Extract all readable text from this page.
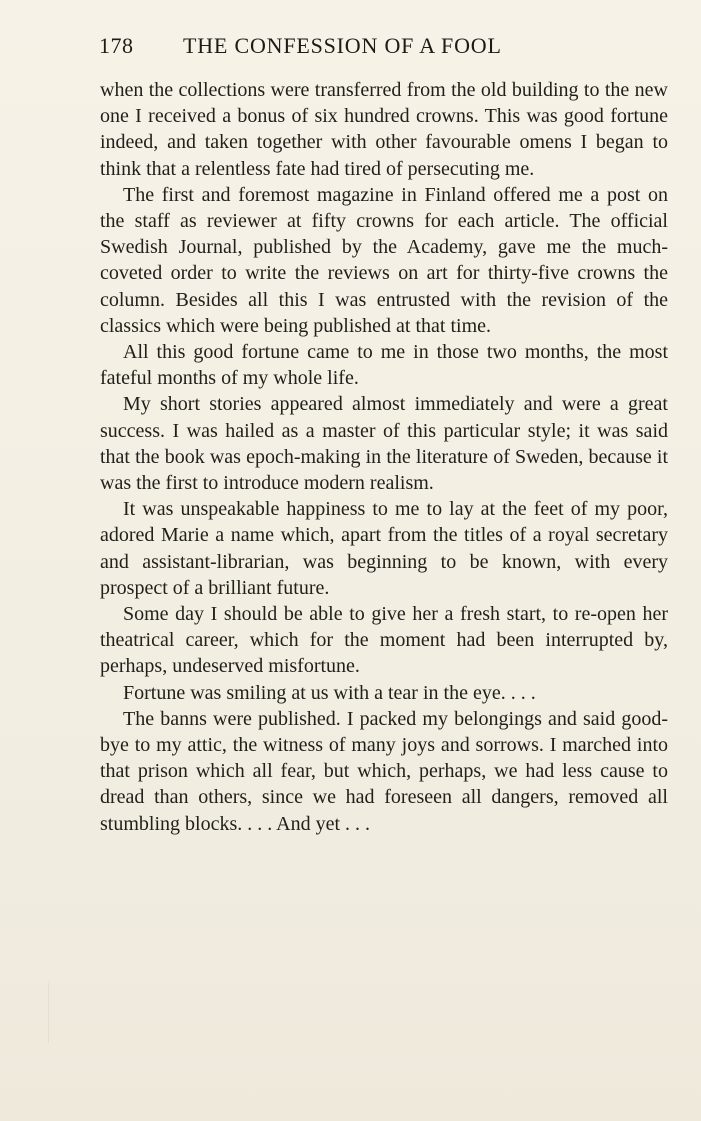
178 THE CONFESSION OF A FOOL

when the collections were transferred from the old building to the new one I received a bonus of six hundred crowns. This was good fortune indeed, and taken together with other favourable omens I began to think that a relentless fate had tired of persecuting me.

The first and foremost magazine in Finland offered me a post on the staff as reviewer at fifty crowns for each article. The official Swedish Journal, published by the Academy, gave me the much-coveted order to write the reviews on art for thirty-five crowns the column. Besides all this I was entrusted with the revision of the classics which were being published at that time.

All this good fortune came to me in those two months, the most fateful months of my whole life.

My short stories appeared almost immediately and were a great success. I was hailed as a master of this particular style; it was said that the book was epoch-making in the literature of Sweden, because it was the first to introduce modern realism.

It was unspeakable happiness to me to lay at the feet of my poor, adored Marie a name which, apart from the titles of a royal secretary and assistant-librarian, was beginning to be known, with every prospect of a brilliant future.

Some day I should be able to give her a fresh start, to re-open her theatrical career, which for the moment had been interrupted by, perhaps, undeserved misfortune.

Fortune was smiling at us with a tear in the eye. . . .

The banns were published. I packed my belongings and said good-bye to my attic, the witness of many joys and sorrows. I marched into that prison which all fear, but which, perhaps, we had less cause to dread than others, since we had foreseen all dangers, removed all stumbling blocks. . . . And yet . . .
